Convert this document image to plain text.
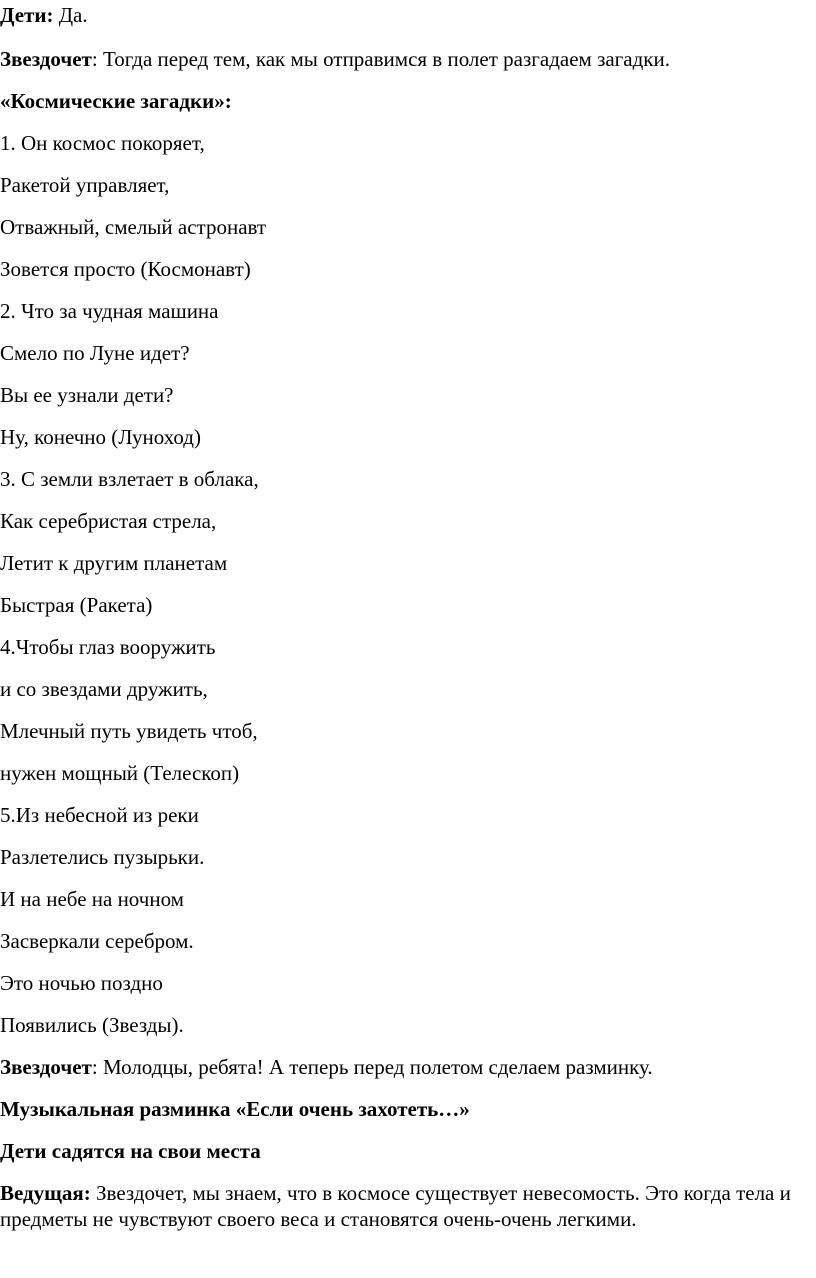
Дети: Да.

Звездочет: Тогда перед тем, как мы отправимся в полет разгадаем загадки.

«Космические загадки»:

1. Он космос покоряет,

Ракетой управляет,

Отважный, смелый астронавт

Зовется просто (Космонавт)

2. Что за чудная машина

Смело по Луне идет?

Вы ее узнали дети?

Ну, конечно (Луноход)

3. С земли взлетает в облака,

Как серебристая стрела,

Летит к другим планетам

Быстрая (Ракета)

4.Чтобы глаз вооружить

и со звездами дружить,

Млечный путь увидеть чтоб,

нужен мощный (Телескоп)

5.Из небесной из реки

Разлетелись пузырьки.

И на небе на ночном

Засверкали серебром.

Это ночью поздно

Появились (Звезды).

Звездочет: Молодцы, ребята! А теперь перед полетом сделаем разминку.

Музыкальная разминка «Если очень захотеть…»

Дети садятся на свои места

Ведущая: Звездочет, мы знаем, что в космосе существует невесомость. Это когда тела и предметы не чувствуют своего веса и становятся очень-очень легкими.
